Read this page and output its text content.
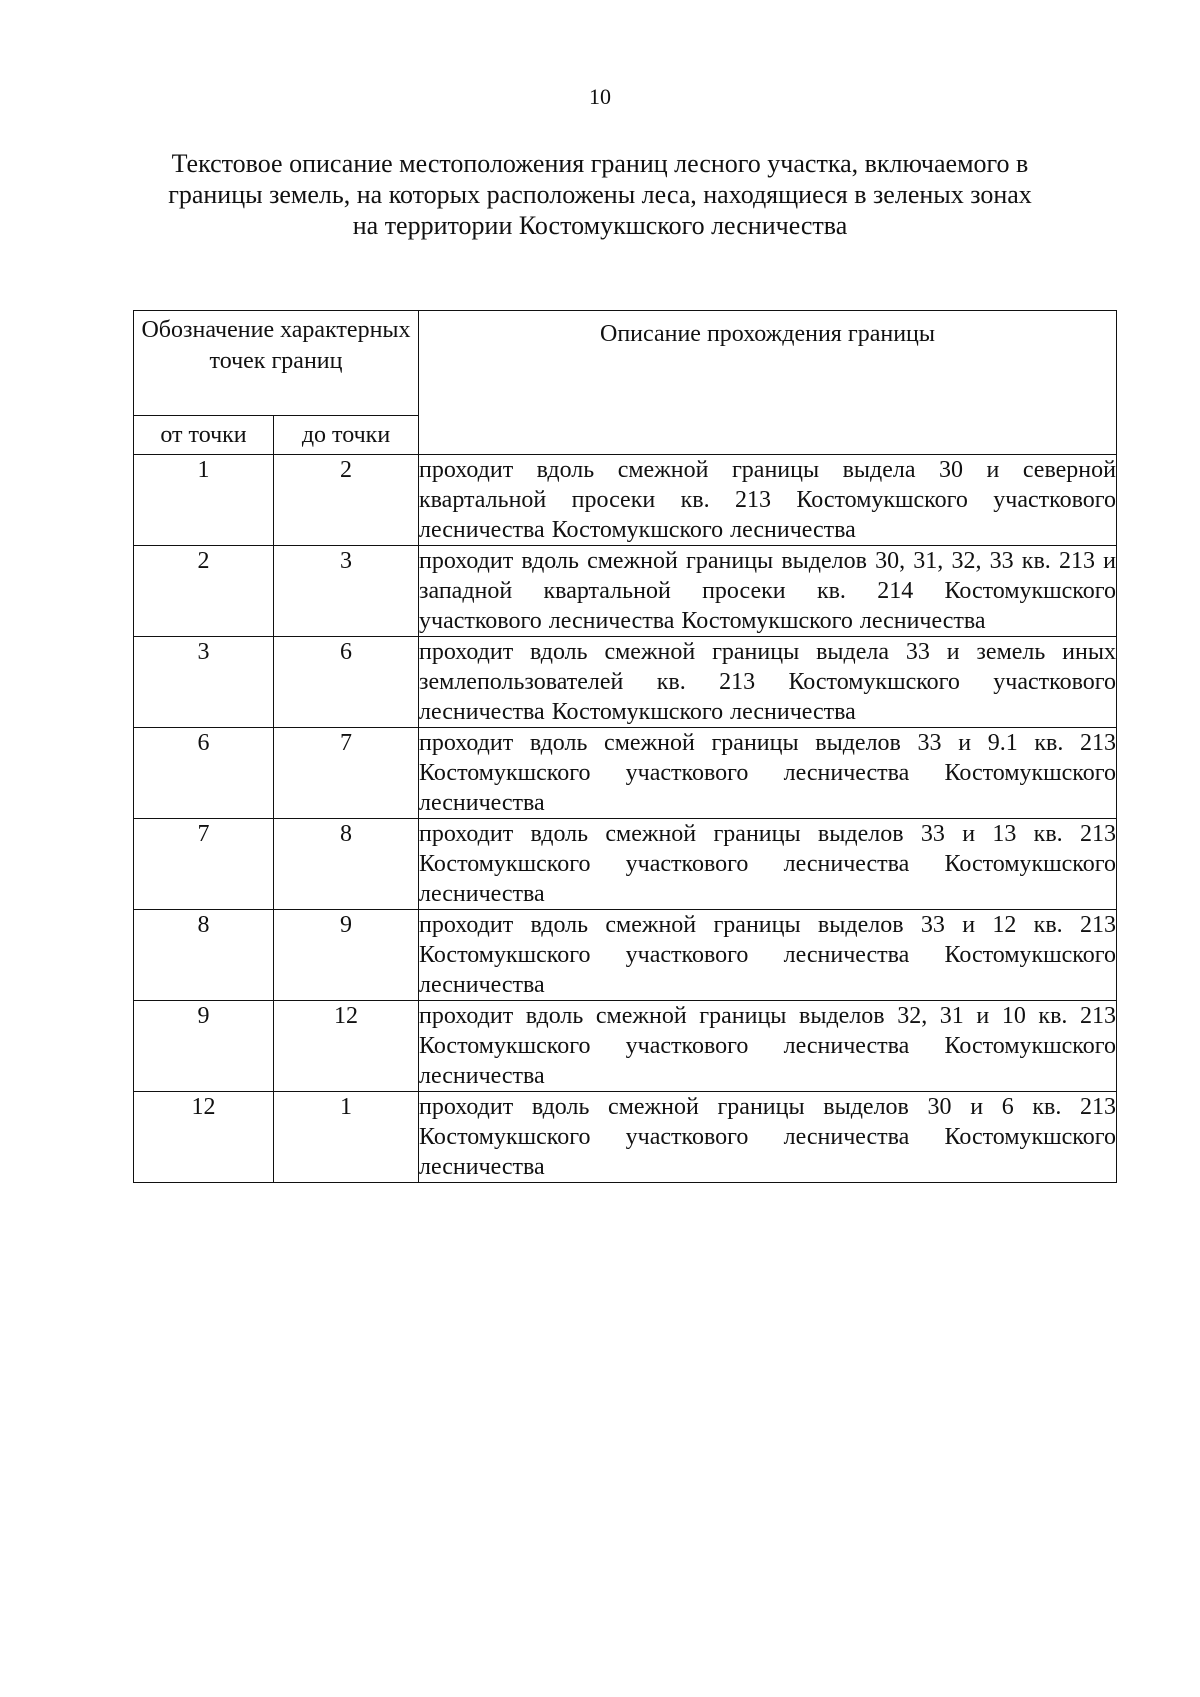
10
Текстовое описание местоположения границ лесного участка, включаемого в
границы земель, на которых расположены леса, находящиеся в зеленых зонах
на территории Костомукшского лесничества
Обозначение характерных точек границ		Описание прохождения границы
от точки	до точки	
1	2	проходит вдоль смежной границы выдела 30 и северной квартальной просеки кв. 213 Костомукшского участкового лесничества Костомукшского лесничества
2	3	проходит вдоль смежной границы выделов 30, 31, 32, 33 кв. 213 и западной квартальной просеки кв. 214 Костомукшского участкового лесничества Костомукшского лесничества
3	6	проходит вдоль смежной границы выдела 33 и земель иных землепользователей кв. 213 Костомукшского участкового лесничества Костомукшского лесничества
6	7	проходит вдоль смежной границы выделов 33 и 9.1 кв. 213 Костомукшского участкового лесничества Костомукшского лесничества
7	8	проходит вдоль смежной границы выделов 33 и 13 кв. 213 Костомукшского участкового лесничества Костомукшского лесничества
8	9	проходит вдоль смежной границы выделов 33 и 12 кв. 213 Костомукшского участкового лесничества Костомукшского лесничества
9	12	проходит вдоль смежной границы выделов 32, 31 и 10 кв. 213 Костомукшского участкового лесничества Костомукшского лесничества
12	1	проходит вдоль смежной границы выделов 30 и 6 кв. 213 Костомукшского участкового лесничества Костомукшского лесничества
